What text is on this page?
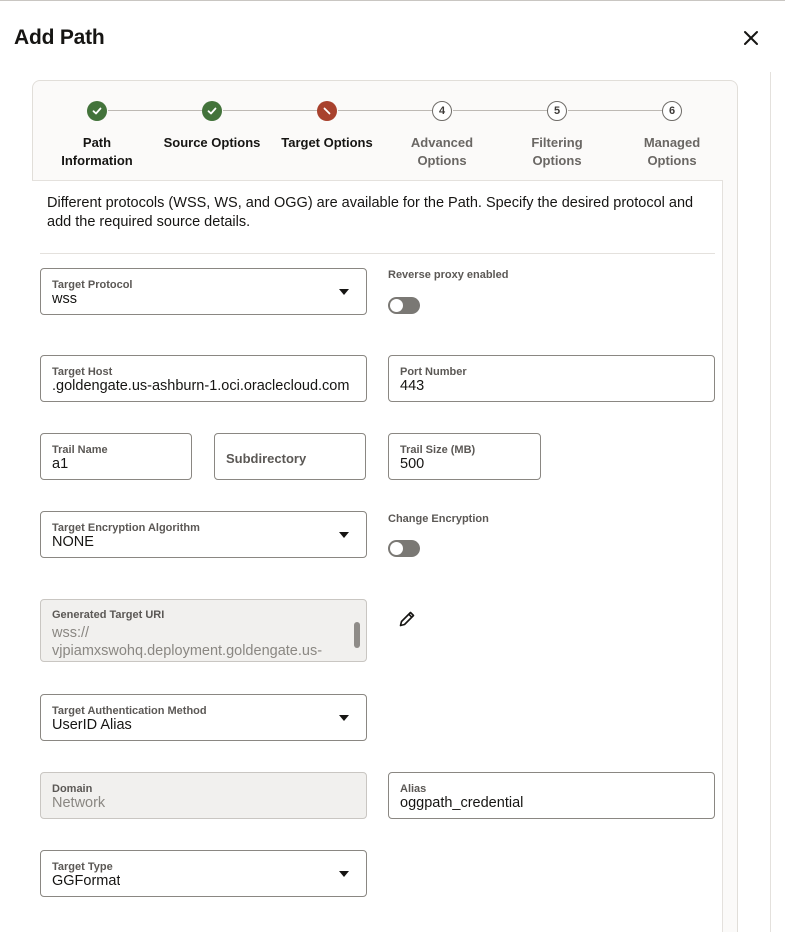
Add Path
Path Information
Source Options	Target Options
4
Advanced
Options
5
Filtering Options
6
Managed
Options
Different protocols (WSS, WS, and OGG) are available for the Path. Specify the desired protocol and add the required source details.
Target Protocol
wss
Reverse proxy enabled
Target Host
.goldengate.us-ashburn-1.oci.oraclecloud.com
Port Number
443
Trail Name
a1	Subdirectory
Trail Size (MB)
500
Target Encryption Algorithm
NONE
Change Encryption
Generated Target URI
wss://
vjpiamxswohq.deployment.goldengate.us-
Target Authentication Method
UserID Alias
Domain
Network
Alias
oggpath_credential
Target Type
GGFormat
